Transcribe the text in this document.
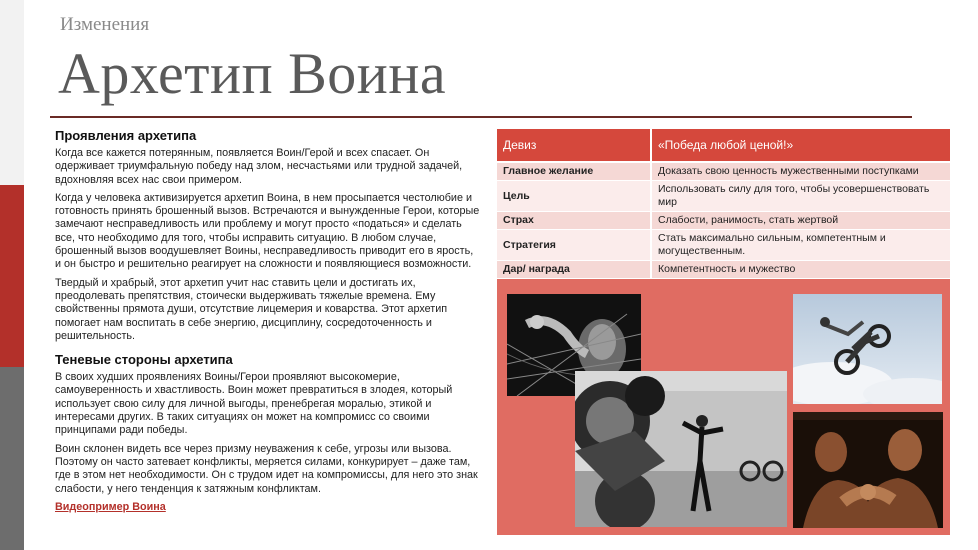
Изменения
Архетип Воина
Проявления архетипа

Когда все кажется потерянным, появляется Воин/Герой и всех спасает. Он одерживает триумфальную победу над злом, несчастьями или трудной задачей, вдохновляя всех нас свои примером.

Когда у человека активизируется архетип Воина, в нем просыпается честолюбие и готовность принять брошенный вызов. Встречаются и вынужденные Герои, которые замечают несправедливость или проблему и могут просто «податься» и сделать все, что необходимо для того, чтобы исправить ситуацию. В любом случае, брошенный вызов воодушевляет Воины, несправедливость приводит его в ярость, и он быстро и решительно реагирует на сложности и появляющиеся возможности.

Твердый и храбрый, этот архетип учит нас ставить цели и достигать их, преодолевать препятствия, стоически выдерживать тяжелые времена. Ему свойственны прямота души, отсутствие лицемерия и коварства. Этот архетип помогает нам воспитать в себе энергию, дисциплину, сосредоточенность и решительность.

Теневые стороны архетипа

В своих худших проявлениях Воины/Герои проявляют высокомерие, самоуверенность и хвастливость. Воин может превратиться в злодея, который использует свою силу для личной выгоды, пренебрегая моралью, этикой и интересами других. В таких ситуациях он может на компромисс со своими принципами ради победы.

Воин склонен видеть все через призму неуважения к себе, угрозы или вызова. Поэтому он часто затевает конфликты, меряется силами, конкурирует – даже там, где в этом нет необходимости. Он с трудом идет на компромиссы, для него это знак слабости, у него тенденция к затяжным конфликтам.

Видеопример Воина

Девиз	«Победа любой ценой!»
Главное желание	Доказать свою ценность мужественными поступками
Цель	Использовать силу для того, чтобы усовершенствовать мир
Страх	Слабости, ранимость, стать жертвой
Стратегия	Стать максимально сильным, компетентным и могущественным.
Дар/ награда	Компетентность и мужество
